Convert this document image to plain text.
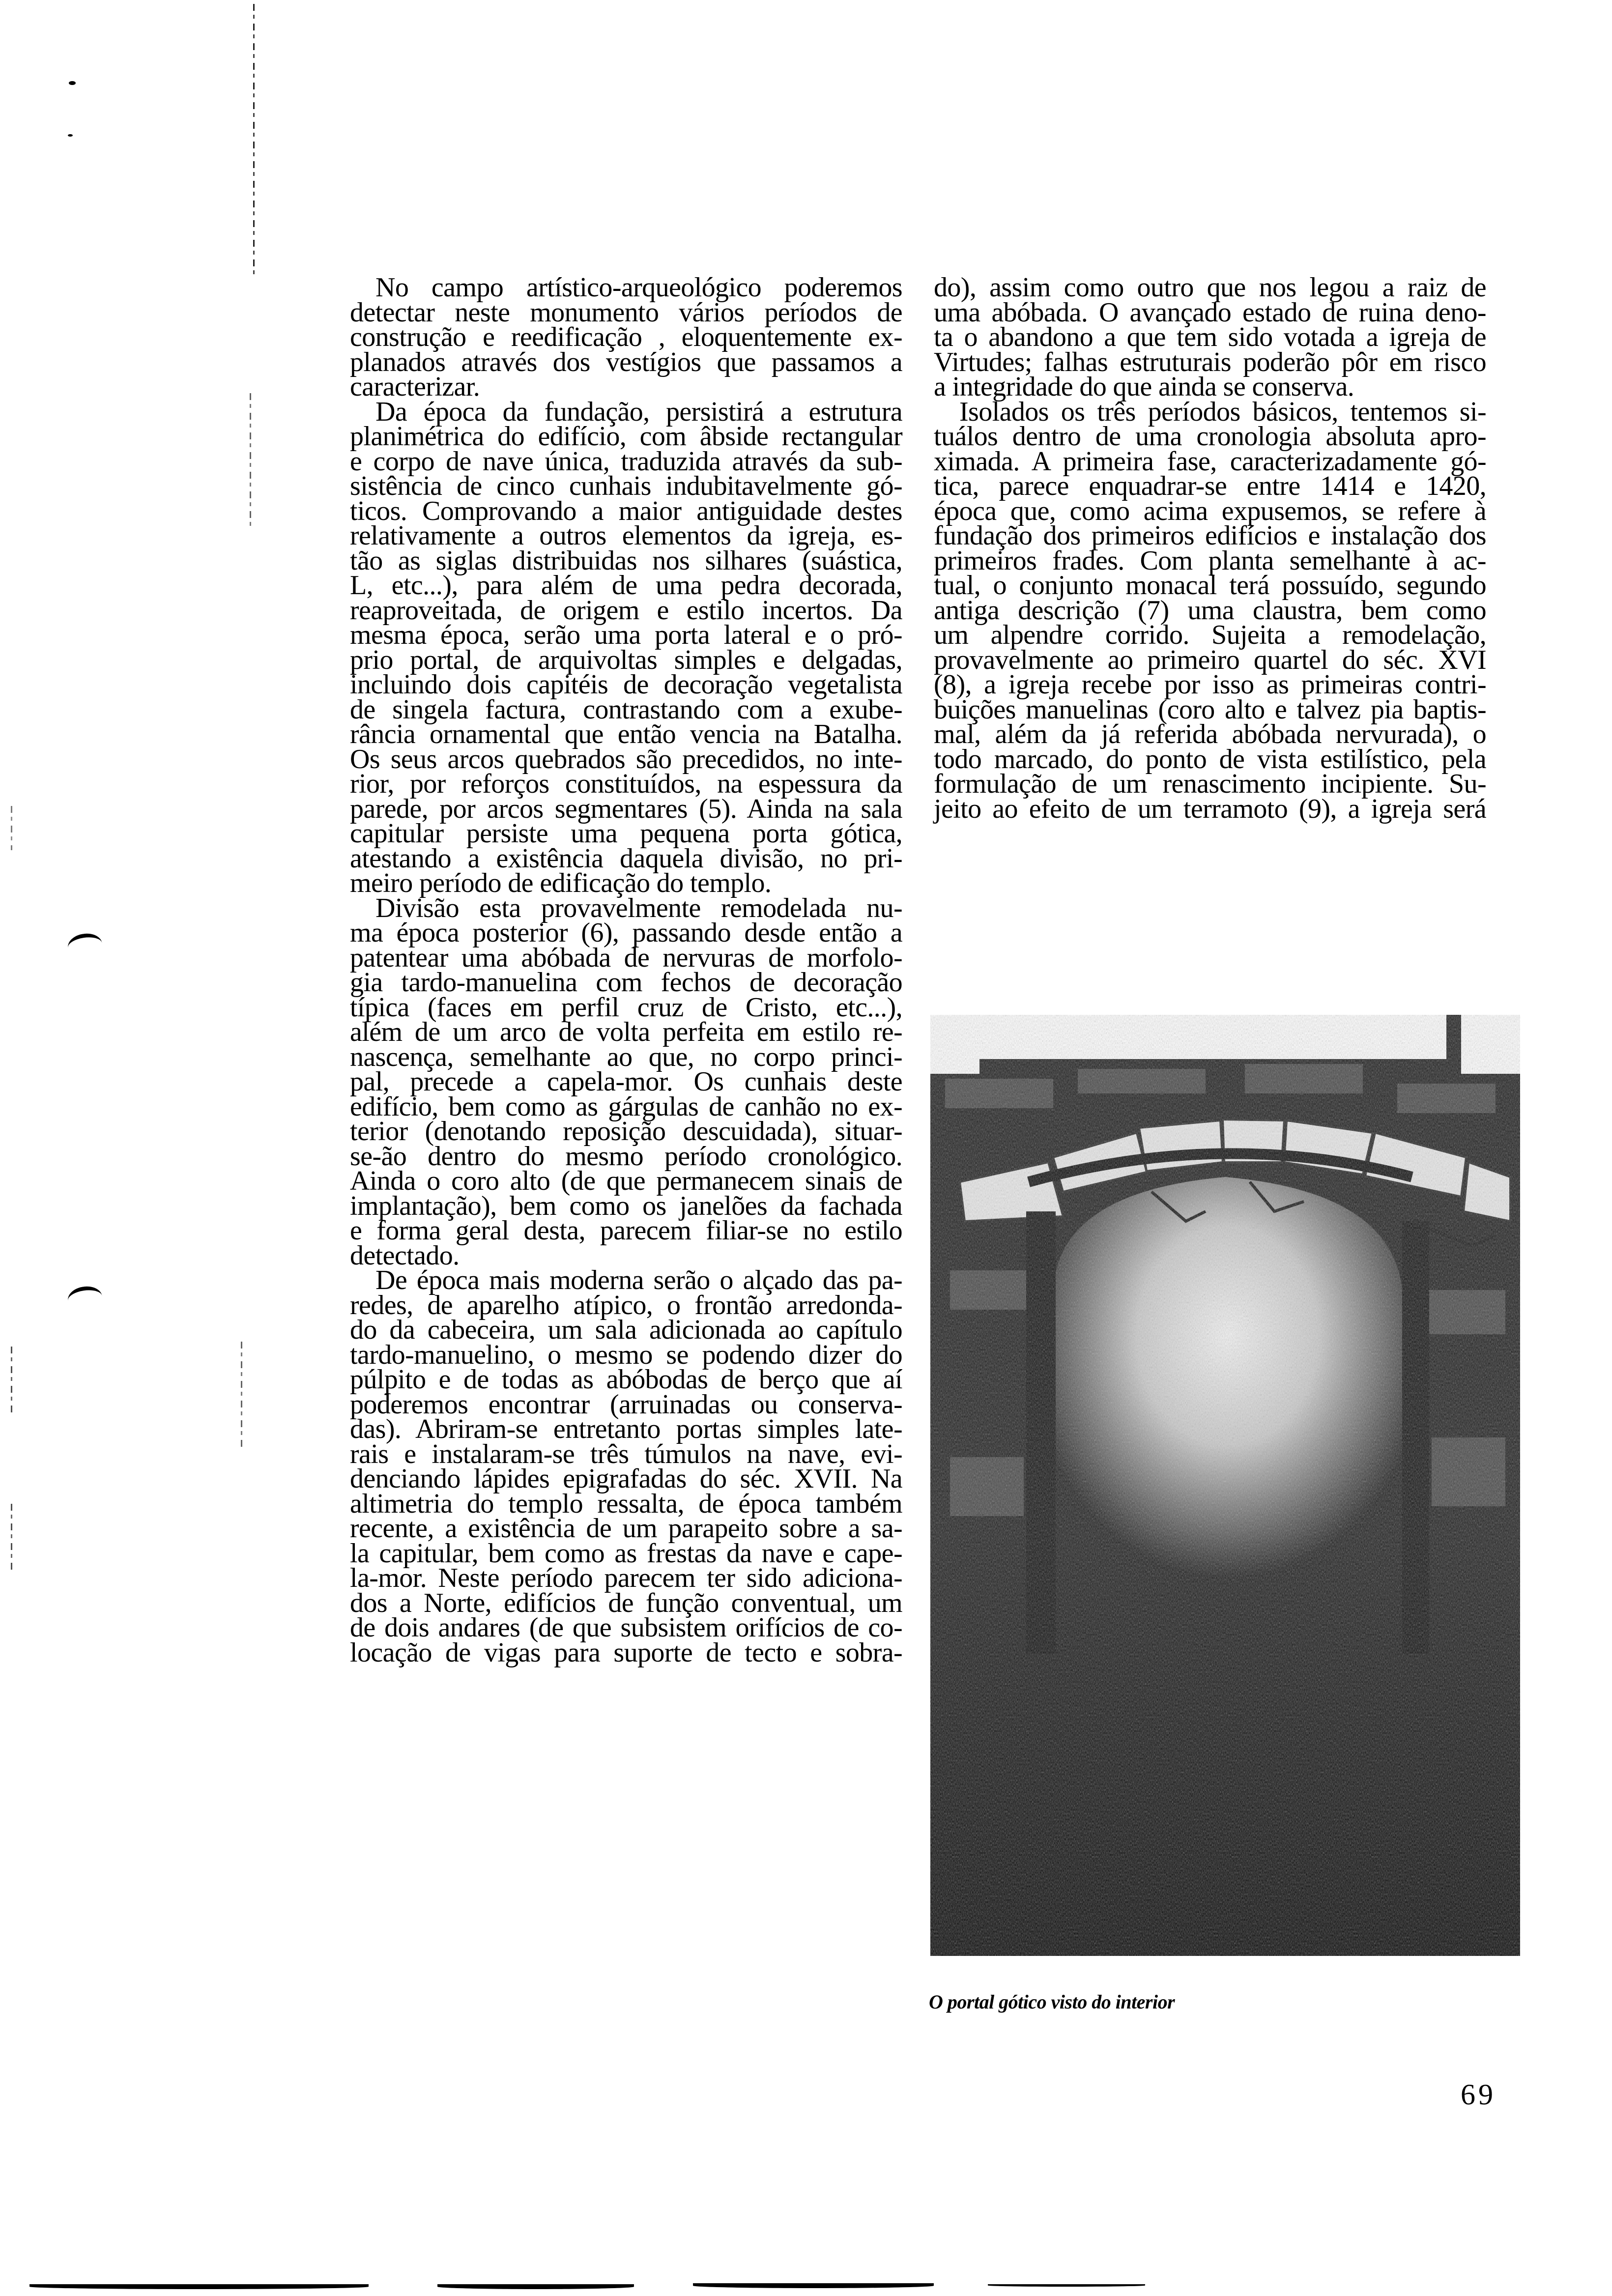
No campo artístico-arqueológico poderemos
detectar neste monumento vários períodos de
construção e reedificação , eloquentemente ex-
planados através dos vestígios que passamos a
caracterizar.

Da época da fundação, persistirá a estrutura
planimétrica do edifício, com âbside rectangular
e corpo de nave única, traduzida através da sub-
sistência de cinco cunhais indubitavelmente gó-
ticos. Comprovando a maior antiguidade destes
relativamente a outros elementos da igreja, es-
tão as siglas distribuidas nos silhares (suástica,
L, etc...), para além de uma pedra decorada,
reaproveitada, de origem e estilo incertos. Da
mesma época, serão uma porta lateral e o pró-
prio portal, de arquivoltas simples e delgadas,
incluindo dois capitéis de decoração vegetalista
de singela factura, contrastando com a exube-
rância ornamental que então vencia na Batalha.
Os seus arcos quebrados são precedidos, no inte-
rior, por reforços constituídos, na espessura da
parede, por arcos segmentares (5). Ainda na sala
capitular persiste uma pequena porta gótica,
atestando a existência daquela divisão, no pri-
meiro período de edificação do templo.

Divisão esta provavelmente remodelada nu-
ma época posterior (6), passando desde então a
patentear uma abóbada de nervuras de morfolo-
gia tardo-manuelina com fechos de decoração
típica (faces em perfil cruz de Cristo, etc...),
além de um arco de volta perfeita em estilo re-
nascença, semelhante ao que, no corpo princi-
pal, precede a capela-mor. Os cunhais deste
edifício, bem como as gárgulas de canhão no ex-
terior (denotando reposição descuidada), situar-
se-ão dentro do mesmo período cronológico.
Ainda o coro alto (de que permanecem sinais de
implantação), bem como os janelões da fachada
e forma geral desta, parecem filiar-se no estilo
detectado.

De época mais moderna serão o alçado das pa-
redes, de aparelho atípico, o frontão arredonda-
do da cabeceira, um sala adicionada ao capítulo
tardo-manuelino, o mesmo se podendo dizer do
púlpito e de todas as abóbodas de berço que aí
poderemos encontrar (arruinadas ou conserva-
das). Abriram-se entretanto portas simples late-
rais e instalaram-se três túmulos na nave, evi-
denciando lápides epigrafadas do séc. XVII. Na
altimetria do templo ressalta, de época também
recente, a existência de um parapeito sobre a sa-
la capitular, bem como as frestas da nave e cape-
la-mor. Neste período parecem ter sido adiciona-
dos a Norte, edifícios de função conventual, um
de dois andares (de que subsistem orifícios de co-
locação de vigas para suporte de tecto e sobra-

do), assim como outro que nos legou a raiz de
uma abóbada. O avançado estado de ruina deno-
ta o abandono a que tem sido votada a igreja de
Virtudes; falhas estruturais poderão pôr em risco
a integridade do que ainda se conserva.

Isolados os três períodos básicos, tentemos si-
tuálos dentro de uma cronologia absoluta apro-
ximada. A primeira fase, caracterizadamente gó-
tica, parece enquadrar-se entre 1414 e 1420,
época que, como acima expusemos, se refere à
fundação dos primeiros edifícios e instalação dos
primeiros frades. Com planta semelhante à ac-
tual, o conjunto monacal terá possuído, segundo
antiga descrição (7) uma claustra, bem como
um alpendre corrido. Sujeita a remodelação,
provavelmente ao primeiro quartel do séc. XVI
(8), a igreja recebe por isso as primeiras contri-
buições manuelinas (coro alto e talvez pia baptis-
mal, além da já referida abóbada nervurada), o
todo marcado, do ponto de vista estilístico, pela
formulação de um renascimento incipiente. Su-
jeito ao efeito de um terramoto (9), a igreja será

O portal gótico visto do interior
69
